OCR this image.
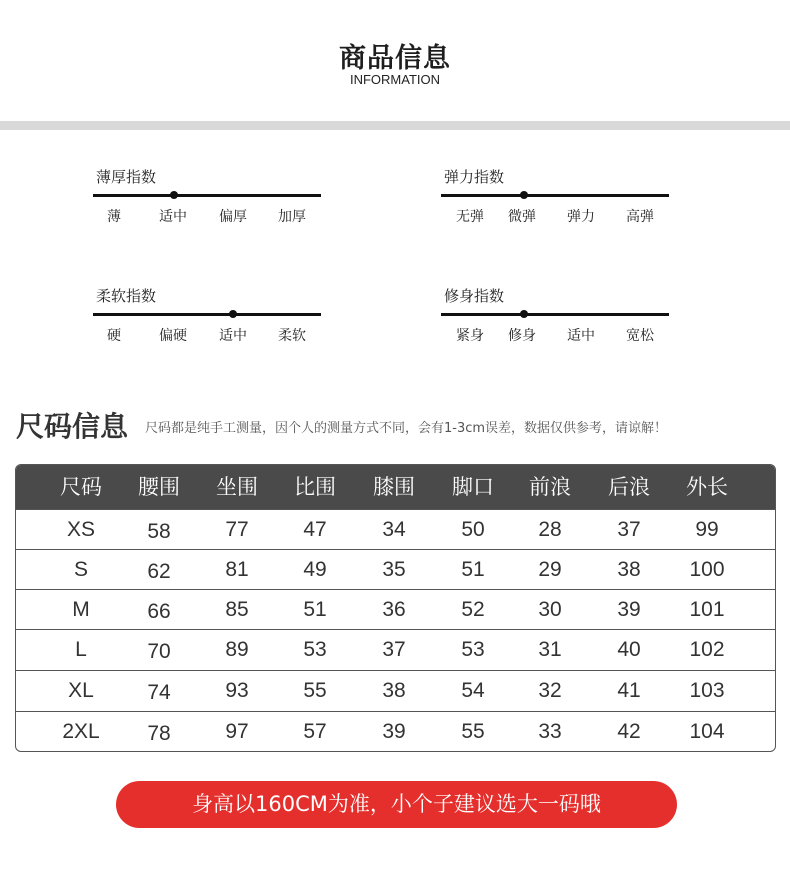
商品信息
INFORMATION
薄厚指数
薄	适中	偏厚	加厚
弹力指数
无弹	微弹	弹力	高弹
柔软指数
硬	偏硬	适中	柔软
修身指数
紧身	修身	适中	宽松
尺码信息 尺码都是纯手工测量，因个人的测量方式不同，会有1-3cm误差，数据仅供参考，请谅解！
尺码	腰围	坐围	比围	膝围	脚口	前浪	后浪	外长
XS	58	77	47	34	50	28	37	99
S	62	81	49	35	51	29	38	100
M	66	85	51	36	52	30	39	101
L	70	89	53	37	53	31	40	102
XL	74	93	55	38	54	32	41	103
2XL	78	97	57	39	55	33	42	104
身高以160CM为准，小个子建议选大一码哦
